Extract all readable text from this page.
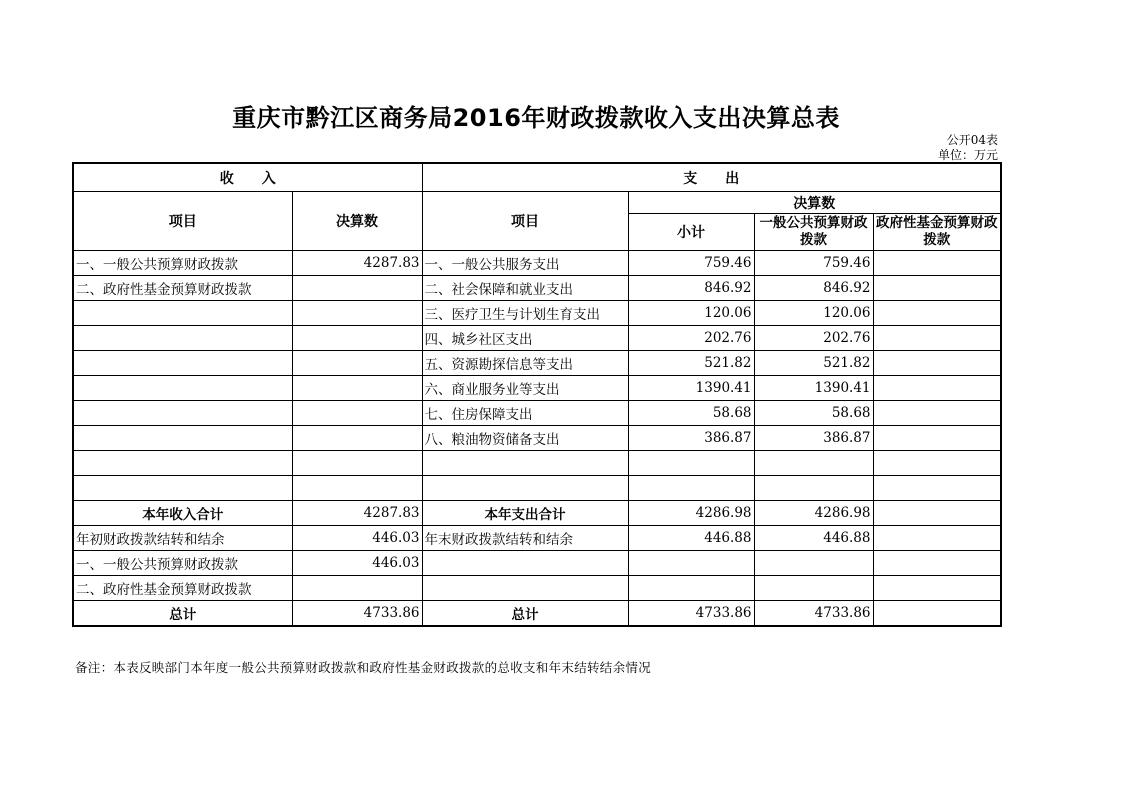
重庆市黔江区商务局2016年财政拨款收入支出决算总表
公开04表
单位：万元
收　　入		支　　出			
项目	决算数	项目	决算数		
			小计	一般公共预算财政拨款	政府性基金预算财政拨款
一、一般公共预算财政拨款	4287.83	一、一般公共服务支出	759.46	759.46	
二、政府性基金预算财政拨款		二、社会保障和就业支出	846.92	846.92	
		三、医疗卫生与计划生育支出	120.06	120.06	
		四、城乡社区支出	202.76	202.76	
		五、资源勘探信息等支出	521.82	521.82	
		六、商业服务业等支出	1390.41	1390.41	
		七、住房保障支出	58.68	58.68	
		八、粮油物资储备支出	386.87	386.87	

本年收入合计	4287.83	本年支出合计	4286.98	4286.98	
年初财政拨款结转和结余	446.03	年末财政拨款结转和结余	446.88	446.88	
一、一般公共预算财政拨款	446.03				
二、政府性基金预算财政拨款					
总计	4733.86	总计	4733.86	4733.86	
备注：本表反映部门本年度一般公共预算财政拨款和政府性基金财政拨款的总收支和年末结转结余情况
